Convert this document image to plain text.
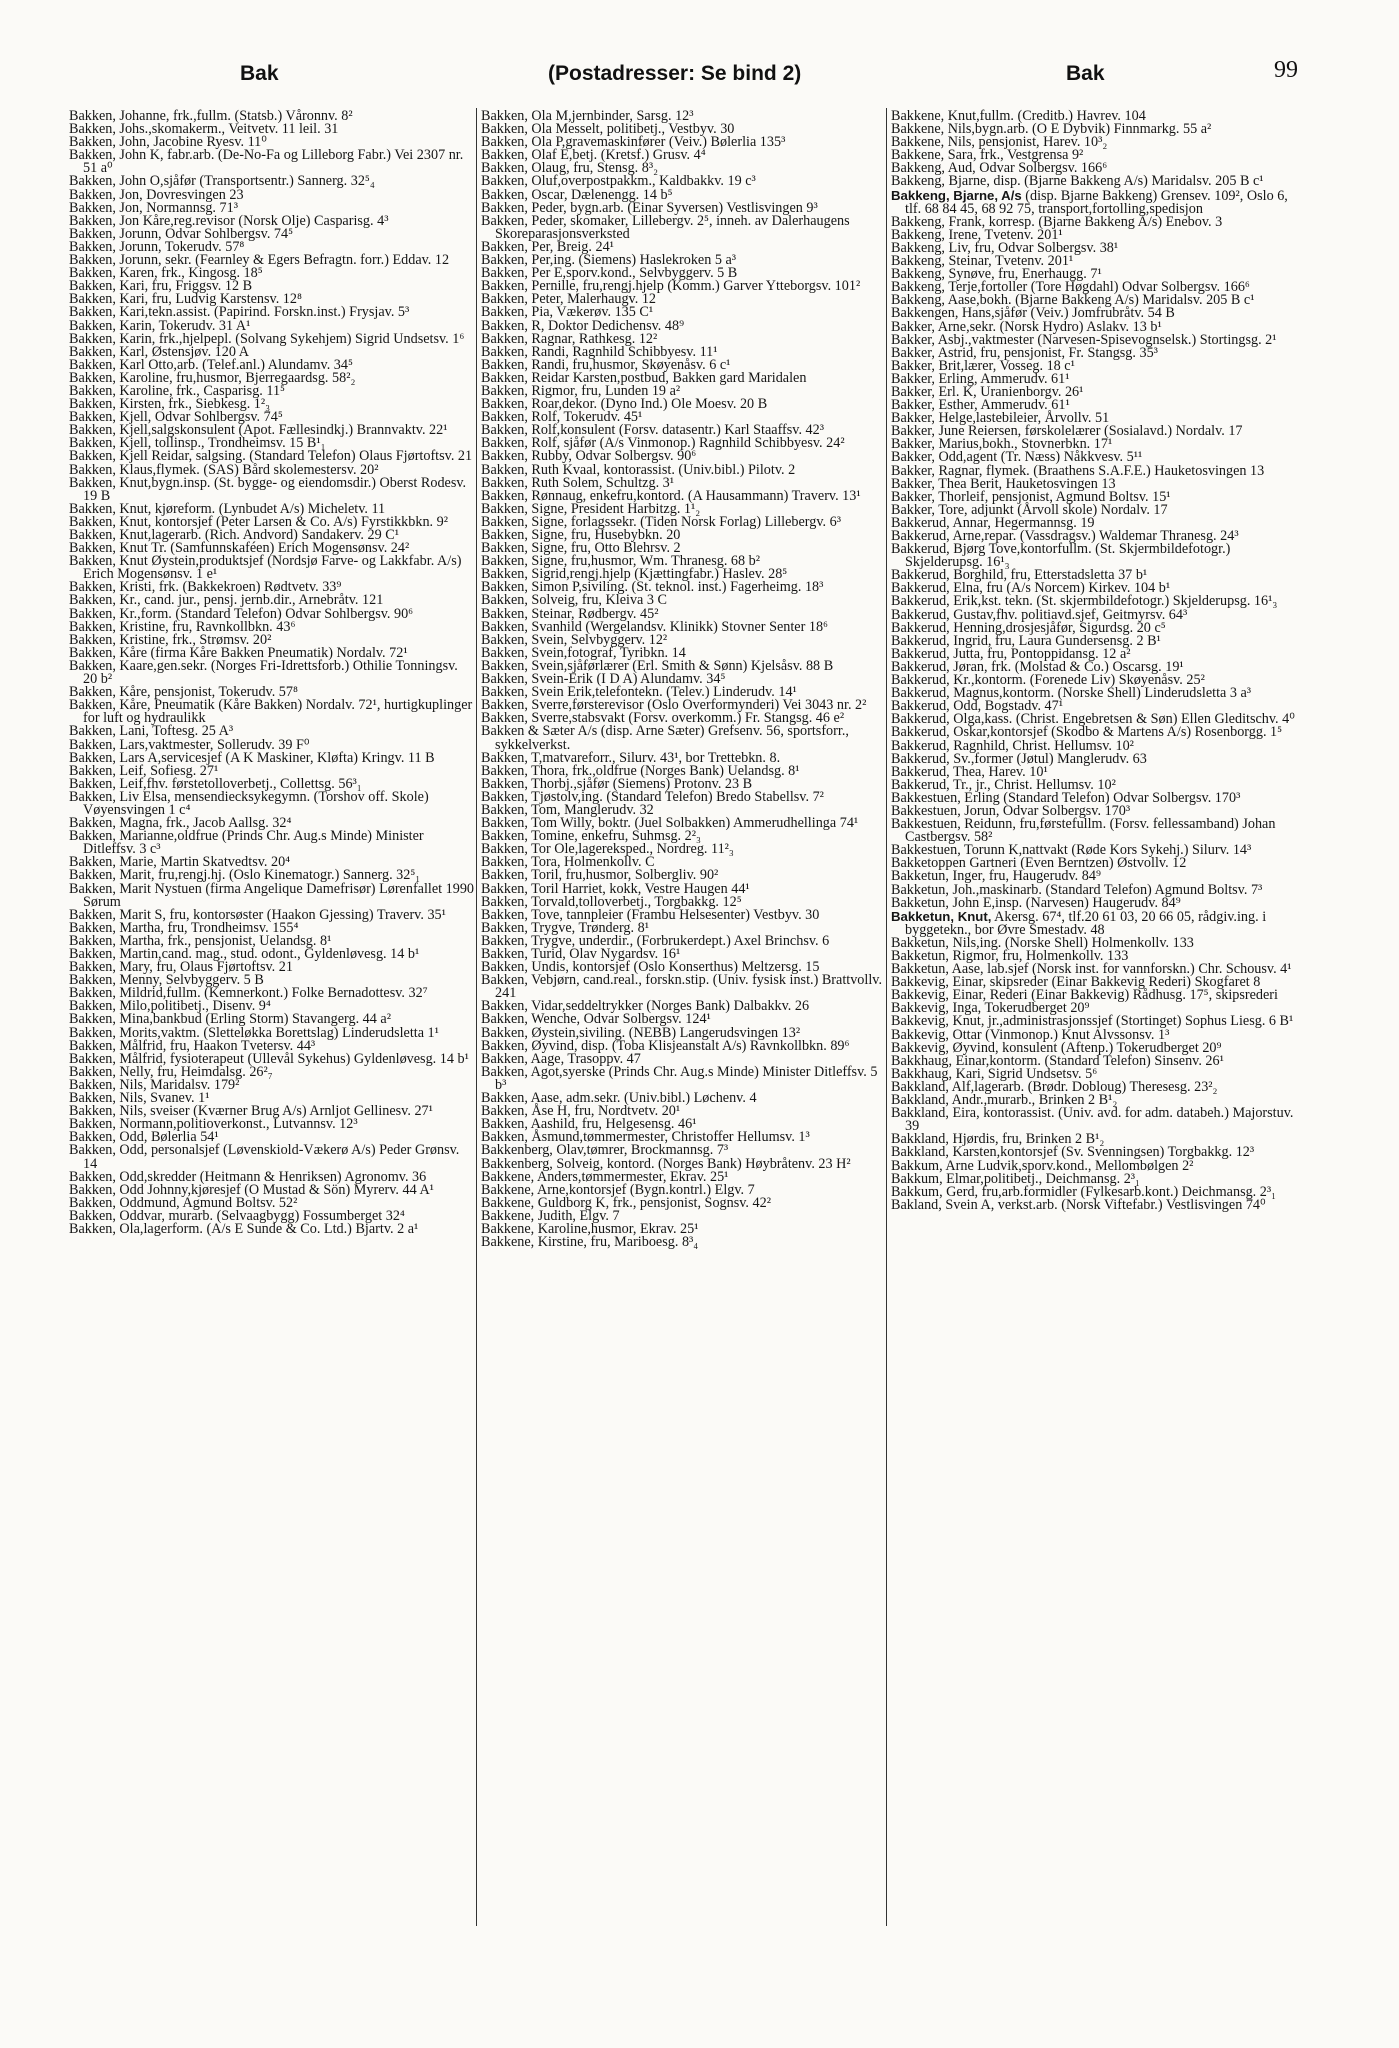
Bak	(Postadresser: Se bind 2)	Bak	99
Bakken, Johanne, frk.,fullm. (Statsb.) Våronnv. 8²
Bakken, Johs.,skomakerm., Veitvetv. 11 leil. 31
Bakken, John, Jacobine Ryesv. 11⁰
Bakken, John K, fabr.arb. (De-No-Fa og Lilleborg Fabr.) Vei 2307 nr. 51 a⁰
Bakken, John O,sjåfør (Transportsentr.) Sannerg. 32⁵₄
Bakken, Jon, Dovresvingen 23
Bakken, Jon, Normannsg. 71³
Bakken, Jon Kåre,reg.revisor (Norsk Olje) Casparisg. 4³
Bakken, Jorunn, Odvar Sohlbergsv. 74⁵
Bakken, Jorunn, Tokerudv. 57⁸
Bakken, Jorunn, sekr. (Fearnley & Egers Befragtn. forr.) Eddav. 12
Bakken, Karen, frk., Kingosg. 18⁵
Bakken, Kari, fru, Friggsv. 12 B
Bakken, Kari, fru, Ludvig Karstensv. 12⁸
Bakken, Kari,tekn.assist. (Papirind. Forskn.inst.) Frysjav. 5³
Bakken, Karin, Tokerudv. 31 A¹
Bakken, Karin, frk.,hjelpepl. (Solvang Sykehjem) Sigrid Undsetsv. 1⁶
Bakken, Karl, Østensjøv. 120 A
Bakken, Karl Otto,arb. (Telef.anl.) Alundamv. 34⁵
Bakken, Karoline, fru,husmor, Bjerregaardsg. 58²₂
Bakken, Karoline, frk., Casparisg. 11⁵
Bakken, Kirsten, frk., Siebkesg. 1²₃
Bakken, Kjell, Odvar Sohlbergsv. 74⁵
Bakken, Kjell,salgskonsulent (Apot. Fællesindkj.) Brannvaktv. 22¹
Bakken, Kjell, tollinsp., Trondheimsv. 15 B¹₁
Bakken, Kjell Reidar, salgsing. (Standard Telefon) Olaus Fjørtoftsv. 21
Bakken, Klaus,flymek. (SAS) Bård skolemestersv. 20²
Bakken, Knut,bygn.insp. (St. bygge- og eiendomsdir.) Oberst Rodesv. 19 B
Bakken, Knut, kjøreform. (Lynbudet A/s) Micheletv. 11
Bakken, Knut, kontorsjef (Peter Larsen & Co. A/s) Fyrstikkbkn. 9²
Bakken, Knut,lagerarb. (Rich. Andvord) Sandakerv. 29 C¹
Bakken, Knut Tr. (Samfunnskaféen) Erich Mogensønsv. 24²
Bakken, Knut Øystein,produktsjef (Nordsjø Farve- og Lakkfabr. A/s) Erich Mogensønsv. 1 e¹
Bakken, Kristi, frk. (Bakkekroen) Rødtvetv. 33⁹
Bakken, Kr., cand. jur., pensj. jernb.dir., Arnebråtv. 121
Bakken, Kr.,form. (Standard Telefon) Odvar Sohlbergsv. 90⁶
Bakken, Kristine, fru, Ravnkollbkn. 43⁶
Bakken, Kristine, frk., Strømsv. 20²
Bakken, Kåre (firma Kåre Bakken Pneumatik) Nordalv. 72¹
Bakken, Kaare,gen.sekr. (Norges Fri-Idrettsforb.) Othilie Tonningsv. 20 b²
Bakken, Kåre, pensjonist, Tokerudv. 57⁸
Bakken, Kåre, Pneumatik (Kåre Bakken) Nordalv. 72¹, hurtigkuplinger for luft og hydraulikk
Bakken, Lani, Toftesg. 25 A³
Bakken, Lars,vaktmester, Sollerudv. 39 F⁰
Bakken, Lars A,servicesjef (A K Maskiner, Kløfta) Kringv. 11 B
Bakken, Leif, Sofiesg. 27¹
Bakken, Leif,fhv. førstetolloverbetj., Collettsg. 56³₁
Bakken, Liv Elsa, mensendiecksykegymn. (Torshov off. Skole) Vøyensvingen 1 c⁴
Bakken, Magna, frk., Jacob Aallsg. 32⁴
Bakken, Marianne,oldfrue (Prinds Chr. Aug.s Minde) Minister Ditleffsv. 3 c³
Bakken, Marie, Martin Skatvedtsv. 20⁴
Bakken, Marit, fru,rengj.hj. (Oslo Kinematogr.) Sannerg. 32⁵₁
Bakken, Marit Nystuen (firma Angelique Damefrisør) Lørenfallet 1990 Sørum
Bakken, Marit S, fru, kontorsøster (Haakon Gjessing) Traverv. 35¹
Bakken, Martha, fru, Trondheimsv. 155⁴
Bakken, Martha, frk., pensjonist, Uelandsg. 8¹
Bakken, Martin,cand. mag., stud. odont., Gyldenløvesg. 14 b¹
Bakken, Mary, fru, Olaus Fjørtoftsv. 21
Bakken, Menny, Selvbyggerv. 5 B
Bakken, Mildrid,fullm. (Kemnerkont.) Folke Bernadottesv. 32⁷
Bakken, Milo,politibetj., Disenv. 9⁴
Bakken, Mina,bankbud (Erling Storm) Stavangerg. 44 a²
Bakken, Morits,vaktm. (Sletteløkka Borettslag) Linderudsletta 1¹
Bakken, Målfrid, fru, Haakon Tvetersv. 44³
Bakken, Målfrid, fysioterapeut (Ullevål Sykehus) Gyldenløvesg. 14 b¹
Bakken, Nelly, fru, Heimdalsg. 26²₇
Bakken, Nils, Maridalsv. 179²
Bakken, Nils, Svanev. 1¹
Bakken, Nils, sveiser (Kværner Brug A/s) Arnljot Gellinesv. 27¹
Bakken, Normann,politioverkonst., Lutvannsv. 12³
Bakken, Odd, Bølerlia 54¹
Bakken, Odd, personalsjef (Løvenskiold-Vækerø A/s) Peder Grønsv. 14
Bakken, Odd,skredder (Heitmann & Henriksen) Agronomv. 36
Bakken, Odd Johnny,kjøresjef (O Mustad & Sön) Myrerv. 44 A¹
Bakken, Oddmund, Agmund Boltsv. 52²
Bakken, Oddvar, murarb. (Selvaagbygg) Fossumberget 32⁴
Bakken, Ola,lagerform. (A/s E Sunde & Co. Ltd.) Bjartv. 2 a¹
Bakken, Ola M,jernbinder, Sarsg. 12³
Bakken, Ola Messelt, politibetj., Vestbyv. 30
Bakken, Ola P,gravemaskinfører (Veiv.) Bølerlia 135³
Bakken, Olaf E,betj. (Kretsf.) Grusv. 4⁴
Bakken, Olaug, fru, Stensg. 8³₂
Bakken, Oluf,overpostpakkm., Kaldbakkv. 19 c³
Bakken, Oscar, Dælenengg. 14 b⁵
Bakken, Peder, bygn.arb. (Einar Syversen) Vestlisvingen 9³
Bakken, Peder, skomaker, Lillebergv. 2⁵, inneh. av Dalerhaugens Skoreparasjonsverksted
Bakken, Per, Breig. 24¹
Bakken, Per,ing. (Siemens) Haslekroken 5 a³
Bakken, Per E,sporv.kond., Selvbyggerv. 5 B
Bakken, Pernille, fru,rengj.hjelp (Komm.) Garver Ytteborgsv. 101²
Bakken, Peter, Malerhaugv. 12
Bakken, Pia, Vækerøv. 135 C¹
Bakken, R, Doktor Dedichensv. 48⁹
Bakken, Ragnar, Rathkesg. 12²
Bakken, Randi, Ragnhild Schibbyesv. 11¹
Bakken, Randi, fru,husmor, Skøyenåsv. 6 c¹
Bakken, Reidar Karsten,postbud, Bakken gard Maridalen
Bakken, Rigmor, fru, Lunden 19 a²
Bakken, Roar,dekor. (Dyno Ind.) Ole Moesv. 20 B
Bakken, Rolf, Tokerudv. 45¹
Bakken, Rolf,konsulent (Forsv. datasentr.) Karl Staaffsv. 42³
Bakken, Rolf, sjåfør (A/s Vinmonop.) Ragnhild Schibbyesv. 24²
Bakken, Rubby, Odvar Solbergsv. 90⁶
Bakken, Ruth Kvaal, kontorassist. (Univ.bibl.) Pilotv. 2
Bakken, Ruth Solem, Schultzg. 3¹
Bakken, Rønnaug, enkefru,kontord. (A Hausammann) Traverv. 13¹
Bakken, Signe, President Harbitzg. 1¹₂
Bakken, Signe, forlagssekr. (Tiden Norsk Forlag) Lillebergv. 6³
Bakken, Signe, fru, Husebybkn. 20
Bakken, Signe, fru, Otto Blehrsv. 2
Bakken, Signe, fru,husmor, Wm. Thranesg. 68 b²
Bakken, Sigrid,rengj.hjelp (Kjættingfabr.) Haslev. 28⁵
Bakken, Simon P,siviling. (St. teknol. inst.) Fagerheimg. 18³
Bakken, Solveig, fru, Kleiva 3 C
Bakken, Steinar, Rødbergv. 45²
Bakken, Svanhild (Wergelandsv. Klinikk) Stovner Senter 18⁶
Bakken, Svein, Selvbyggerv. 12²
Bakken, Svein,fotograf, Tyribkn. 14
Bakken, Svein,sjåførlærer (Erl. Smith & Sønn) Kjelsåsv. 88 B
Bakken, Svein-Erik (I D A) Alundamv. 34⁵
Bakken, Svein Erik,telefontekn. (Telev.) Linderudv. 14¹
Bakken, Sverre,førsterevisor (Oslo Overformynderi) Vei 3043 nr. 2²
Bakken, Sverre,stabsvakt (Forsv. overkomm.) Fr. Stangsg. 46 e²
Bakken & Sæter A/s (disp. Arne Sæter) Grefsenv. 56, sportsforr., sykkelverkst.
Bakken, T,matvareforr., Silurv. 43¹, bor Trettebkn. 8.
Bakken, Thora, frk.,oldfrue (Norges Bank) Uelandsg. 8¹
Bakken, Thorbj.,sjåfør (Siemens) Protonv. 23 B
Bakken, Tjøstolv,ing. (Standard Telefon) Bredo Stabellsv. 7²
Bakken, Tom, Manglerudv. 32
Bakken, Tom Willy, boktr. (Juel Solbakken) Ammerudhellinga 74¹
Bakken, Tomine, enkefru, Suhmsg. 2²₃
Bakken, Tor Ole,lagereksped., Nordreg. 11²₃
Bakken, Tora, Holmenkollv. C
Bakken, Toril, fru,husmor, Solbergliv. 90²
Bakken, Toril Harriet, kokk, Vestre Haugen 44¹
Bakken, Torvald,tolloverbetj., Torgbakkg. 12⁵
Bakken, Tove, tannpleier (Frambu Helsesenter) Vestbyv. 30
Bakken, Trygve, Trønderg. 8¹
Bakken, Trygve, underdir., (Forbrukerdept.) Axel Brinchsv. 6
Bakken, Turid, Olav Nygardsv. 16¹
Bakken, Undis, kontorsjef (Oslo Konserthus) Meltzersg. 15
Bakken, Vebjørn, cand.real., forskn.stip. (Univ. fysisk inst.) Brattvollv. 241
Bakken, Vidar,seddeltrykker (Norges Bank) Dalbakkv. 26
Bakken, Wenche, Odvar Solbergsv. 124¹
Bakken, Øystein,siviling. (NEBB) Langerudsvingen 13²
Bakken, Øyvind, disp. (Toba Klisjeanstalt A/s) Ravnkollbkn. 89⁶
Bakken, Aage, Trasoppv. 47
Bakken, Agot,syerske (Prinds Chr. Aug.s Minde) Minister Ditleffsv. 5 b³
Bakken, Aase, adm.sekr. (Univ.bibl.) Løchenv. 4
Bakken, Åse H, fru, Nordtvetv. 20¹
Bakken, Aashild, fru, Helgesensg. 46¹
Bakken, Åsmund,tømmermester, Christoffer Hellumsv. 1³
Bakkenberg, Olav,tømrer, Brockmannsg. 7³
Bakkenberg, Solveig, kontord. (Norges Bank) Høybråtenv. 23 H²
Bakkene, Anders,tømmermester, Ekrav. 25¹
Bakkene, Arne,kontorsjef (Bygn.kontrl.) Elgv. 7
Bakkene, Guldborg K, frk., pensjonist, Sognsv. 42²
Bakkene, Judith, Elgv. 7
Bakkene, Karoline,husmor, Ekrav. 25¹
Bakkene, Kirstine, fru, Mariboesg. 8³₄
Bakkene, Knut,fullm. (Creditb.) Havrev. 104
Bakkene, Nils,bygn.arb. (O E Dybvik) Finnmarkg. 55 a²
Bakkene, Nils, pensjonist, Harev. 10³₂
Bakkene, Sara, frk., Vestgrensa 9²
Bakkeng, Aud, Odvar Solbergsv. 166⁶
Bakkeng, Bjarne, disp. (Bjarne Bakkeng A/s) Maridalsv. 205 B c¹
Bakkeng, Bjarne, A/s (disp. Bjarne Bakkeng) Grensev. 109², Oslo 6, tlf. 68 84 45, 68 92 75, transport,fortolling,spedisjon
Bakkeng, Frank, korresp. (Bjarne Bakkeng A/s) Enebov. 3
Bakkeng, Irene, Tvetenv. 201¹
Bakkeng, Liv, fru, Odvar Solbergsv. 38¹
Bakkeng, Steinar, Tvetenv. 201¹
Bakkeng, Synøve, fru, Enerhaugg. 7¹
Bakkeng, Terje,fortoller (Tore Høgdahl) Odvar Solbergsv. 166⁶
Bakkeng, Aase,bokh. (Bjarne Bakkeng A/s) Maridalsv. 205 B c¹
Bakkengen, Hans,sjåfør (Veiv.) Jomfrubråtv. 54 B
Bakker, Arne,sekr. (Norsk Hydro) Aslakv. 13 b¹
Bakker, Asbj.,vaktmester (Narvesen-Spisevognselsk.) Stortingsg. 2¹
Bakker, Astrid, fru, pensjonist, Fr. Stangsg. 35³
Bakker, Brit,lærer, Vosseg. 18 c¹
Bakker, Erling, Ammerudv. 61¹
Bakker, Erl. K, Uranienborgv. 26¹
Bakker, Esther, Ammerudv. 61¹
Bakker, Helge,lastebileier, Årvollv. 51
Bakker, June Reiersen, førskolelærer (Sosialavd.) Nordalv. 17
Bakker, Marius,bokh., Stovnerbkn. 17¹
Bakker, Odd,agent (Tr. Næss) Nåkkvesv. 5¹¹
Bakker, Ragnar, flymek. (Braathens S.A.F.E.) Hauketosvingen 13
Bakker, Thea Berit, Hauketosvingen 13
Bakker, Thorleif, pensjonist, Agmund Boltsv. 15¹
Bakker, Tore, adjunkt (Årvoll skole) Nordalv. 17
Bakkerud, Annar, Hegermannsg. 19
Bakkerud, Arne,repar. (Vassdragsv.) Waldemar Thranesg. 24³
Bakkerud, Bjørg Tove,kontorfullm. (St. Skjermbildefotogr.) Skjelderupsg. 16¹₃
Bakkerud, Borghild, fru, Etterstadsletta 37 b¹
Bakkerud, Elna, fru (A/s Norcem) Kirkev. 104 b¹
Bakkerud, Erik,kst. tekn. (St. skjermbildefotogr.) Skjelderupsg. 16¹₃
Bakkerud, Gustav,fhv. politiavd.sjef, Geitmyrsv. 64³
Bakkerud, Henning,drosjesjåfør, Sigurdsg. 20 c⁵
Bakkerud, Ingrid, fru, Laura Gundersensg. 2 B¹
Bakkerud, Jutta, fru, Pontoppidansg. 12 a²
Bakkerud, Jøran, frk. (Molstad & Co.) Oscarsg. 19¹
Bakkerud, Kr.,kontorm. (Forenede Liv) Skøyenåsv. 25²
Bakkerud, Magnus,kontorm. (Norske Shell) Linderudsletta 3 a³
Bakkerud, Odd, Bogstadv. 47¹
Bakkerud, Olga,kass. (Christ. Engebretsen & Søn) Ellen Gleditschv. 4⁰
Bakkerud, Oskar,kontorsjef (Skodbo & Martens A/s) Rosenborgg. 1⁵
Bakkerud, Ragnhild, Christ. Hellumsv. 10²
Bakkerud, Sv.,former (Jøtul) Manglerudv. 63
Bakkerud, Thea, Harev. 10¹
Bakkerud, Tr., jr., Christ. Hellumsv. 10²
Bakkestuen, Erling (Standard Telefon) Odvar Solbergsv. 170³
Bakkestuen, Jorun, Odvar Solbergsv. 170³
Bakkestuen, Reidunn, fru,førstefullm. (Forsv. fellessamband) Johan Castbergsv. 58²
Bakkestuen, Torunn K,nattvakt (Røde Kors Sykehj.) Silurv. 14³
Bakketoppen Gartneri (Even Berntzen) Østvollv. 12
Bakketun, Inger, fru, Haugerudv. 84⁹
Bakketun, Joh.,maskinarb. (Standard Telefon) Agmund Boltsv. 7³
Bakketun, John E,insp. (Narvesen) Haugerudv. 84⁹
Bakketun, Knut, Akersg. 67⁴, tlf.20 61 03, 20 66 05, rådgiv.ing. i byggetekn., bor Øvre Smestadv. 48
Bakketun, Nils,ing. (Norske Shell) Holmenkollv. 133
Bakketun, Rigmor, fru, Holmenkollv. 133
Bakketun, Aase, lab.sjef (Norsk inst. for vannforskn.) Chr. Schousv. 4¹
Bakkevig, Einar, skipsreder (Einar Bakkevig Rederi) Skogfaret 8
Bakkevig, Einar, Rederi (Einar Bakkevig) Rådhusg. 17⁵, skipsrederi
Bakkevig, Inga, Tokerudberget 20⁹
Bakkevig, Knut, jr.,administrasjonssjef (Stortinget) Sophus Liesg. 6 B¹
Bakkevig, Ottar (Vinmonop.) Knut Alvssonsv. 1³
Bakkevig, Øyvind, konsulent (Aftenp.) Tokerudberget 20⁹
Bakkhaug, Einar,kontorm. (Standard Telefon) Sinsenv. 26¹
Bakkhaug, Kari, Sigrid Undsetsv. 5⁶
Bakkland, Alf,lagerarb. (Brødr. Dobloug) Theresesg. 23²₂
Bakkland, Andr.,murarb., Brinken 2 B¹₂
Bakkland, Eira, kontorassist. (Univ. avd. for adm. databeh.) Majorstuv. 39
Bakkland, Hjørdis, fru, Brinken 2 B¹₂
Bakkland, Karsten,kontorsjef (Sv. Svenningsen) Torgbakkg. 12³
Bakkum, Arne Ludvik,sporv.kond., Mellombølgen 2²
Bakkum, Elmar,politibetj., Deichmansg. 2³₁
Bakkum, Gerd, fru,arb.formidler (Fylkesarb.kont.) Deichmansg. 2³₁
Bakland, Svein A, verkst.arb. (Norsk Viftefabr.) Vestlisvingen 74⁰
